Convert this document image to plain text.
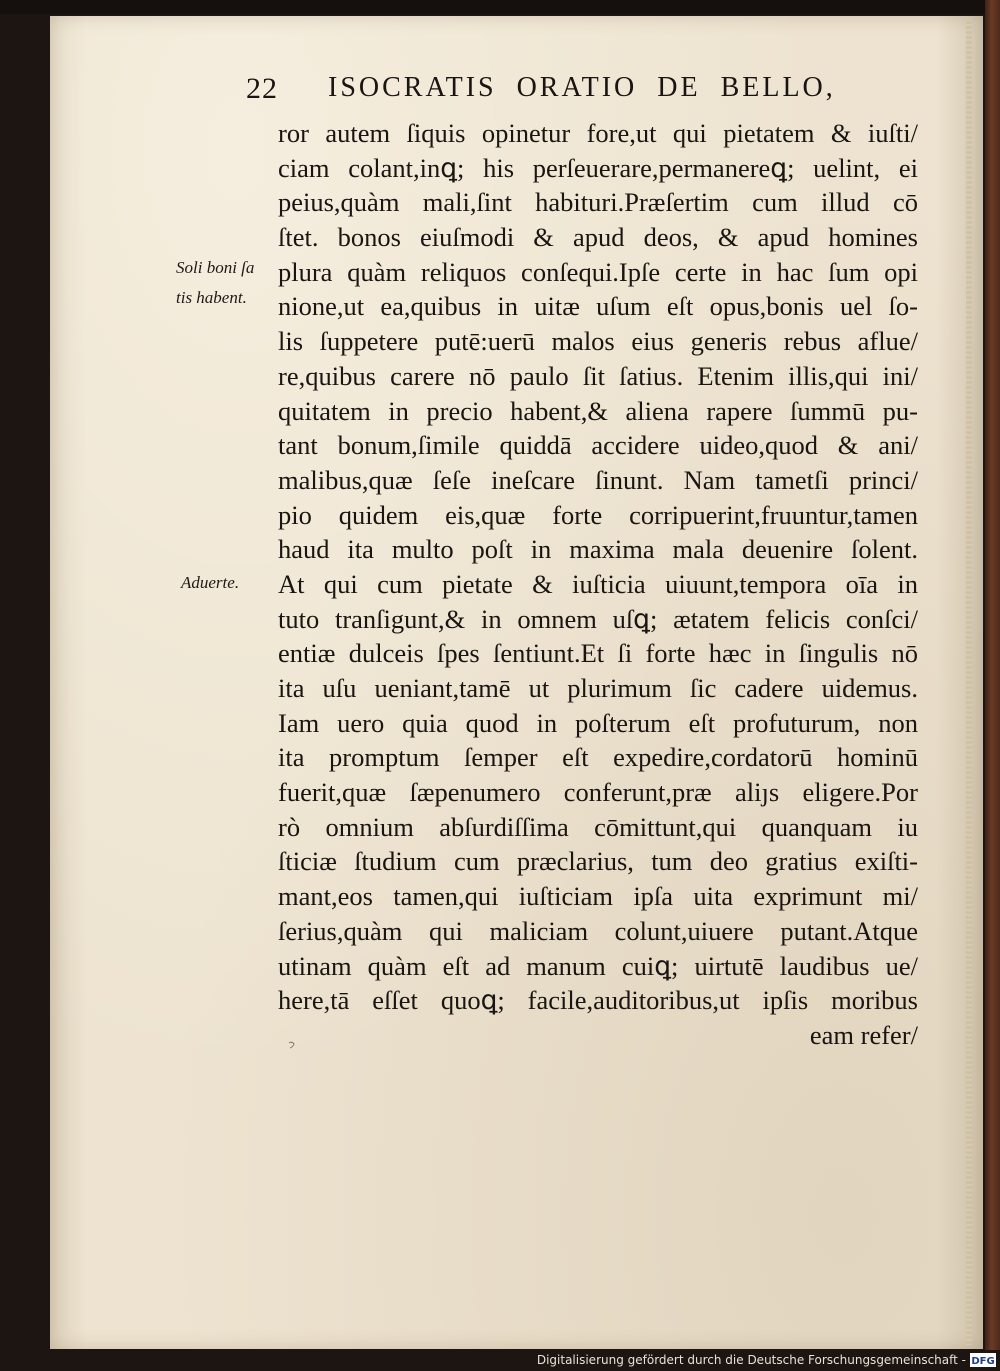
22 ISOCRATIS ORATIO DE BELLO,
Soli boni ſa
tis habent.
Aduerte.
ror autem ſiquis opinetur fore,ut qui pietatem & iuſti/
ciam colant,inꝗ; his perſeuerare,permanereꝗ; uelint, ei
peius,quàm mali,ſint habituri.Præſertim cum illud cō
ſtet. bonos eiuſmodi & apud deos, & apud homines
plura quàm reliquos conſequi.Ipſe certe in hac ſum opi
nione,ut ea,quibus in uitæ uſum eſt opus,bonis uel ſo-
lis ſuppetere putē:uerū malos eius generis rebus aflue/
re,quibus carere nō paulo ſit ſatius. Etenim illis,qui ini/
quitatem in precio habent,& aliena rapere ſummū pu-
tant bonum,ſimile quiddā accidere uideo,quod & ani/
malibus,quæ ſeſe ineſcare ſinunt. Nam tametſi princi/
pio quidem eis,quæ forte corripuerint,fruuntur,tamen
haud ita multo poſt in maxima mala deuenire ſolent.
At qui cum pietate & iuſticia uiuunt,tempora oīa in
tuto tranſigunt,& in omnem uſꝗ; ætatem felicis conſci/
entiæ dulceis ſpes ſentiunt.Et ſi forte hæc in ſingulis nō
ita uſu ueniant,tamē ut plurimum ſic cadere uidemus.
Iam uero quia quod in poſterum eſt profuturum, non
ita promptum ſemper eſt expedire,cordatorū hominū
fuerit,quæ ſæpenumero conferunt,præ aliȷs eligere.Por
rò omnium abſurdiſſima cōmittunt,qui quanquam iu
ſticiæ ſtudium cum præclarius, tum deo gratius exiſti-
mant,eos tamen,qui iuſticiam ipſa uita exprimunt mi/
ſerius,quàm qui maliciam colunt,uiuere putant.Atque
utinam quàm eſt ad manum cuiꝗ; uirtutē laudibus ue/
here,tā eſſet quoꝗ; facile,auditoribus,ut ipſis moribus
eam refer/
Digitalisierung gefördert durch die Deutsche Forschungsgemeinschaft - DFG
